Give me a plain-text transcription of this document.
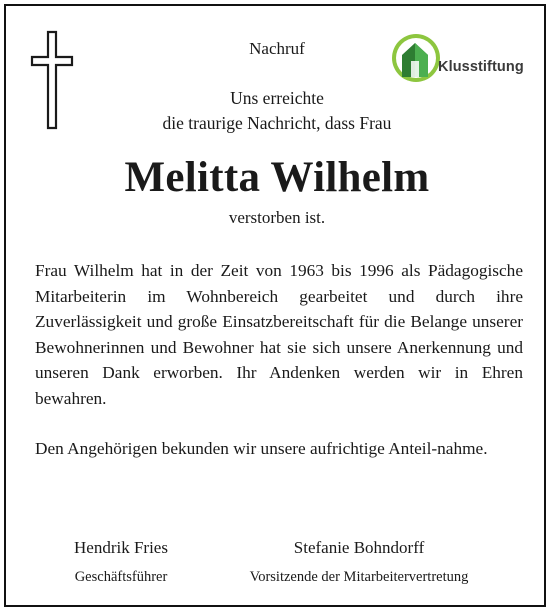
Nachruf
Klusstiftung
Uns erreichte
die traurige Nachricht, dass Frau
Melitta Wilhelm
verstorben ist.
Frau Wilhelm hat in der Zeit von 1963 bis 1996 als Pädagogische Mitarbeiterin im Wohnbereich gearbeitet und durch ihre Zuverlässigkeit und große Einsatzbereitschaft für die Belange unserer Bewohnerinnen und Bewohner hat sie sich unsere Anerkennung und unseren Dank erworben. Ihr Andenken werden wir in Ehren bewahren.
Den Angehörigen bekunden wir unsere aufrichtige Anteil-nahme.
Hendrik Fries
Geschäftsführer
Stefanie Bohndorff
Vorsitzende der Mitarbeitervertretung
